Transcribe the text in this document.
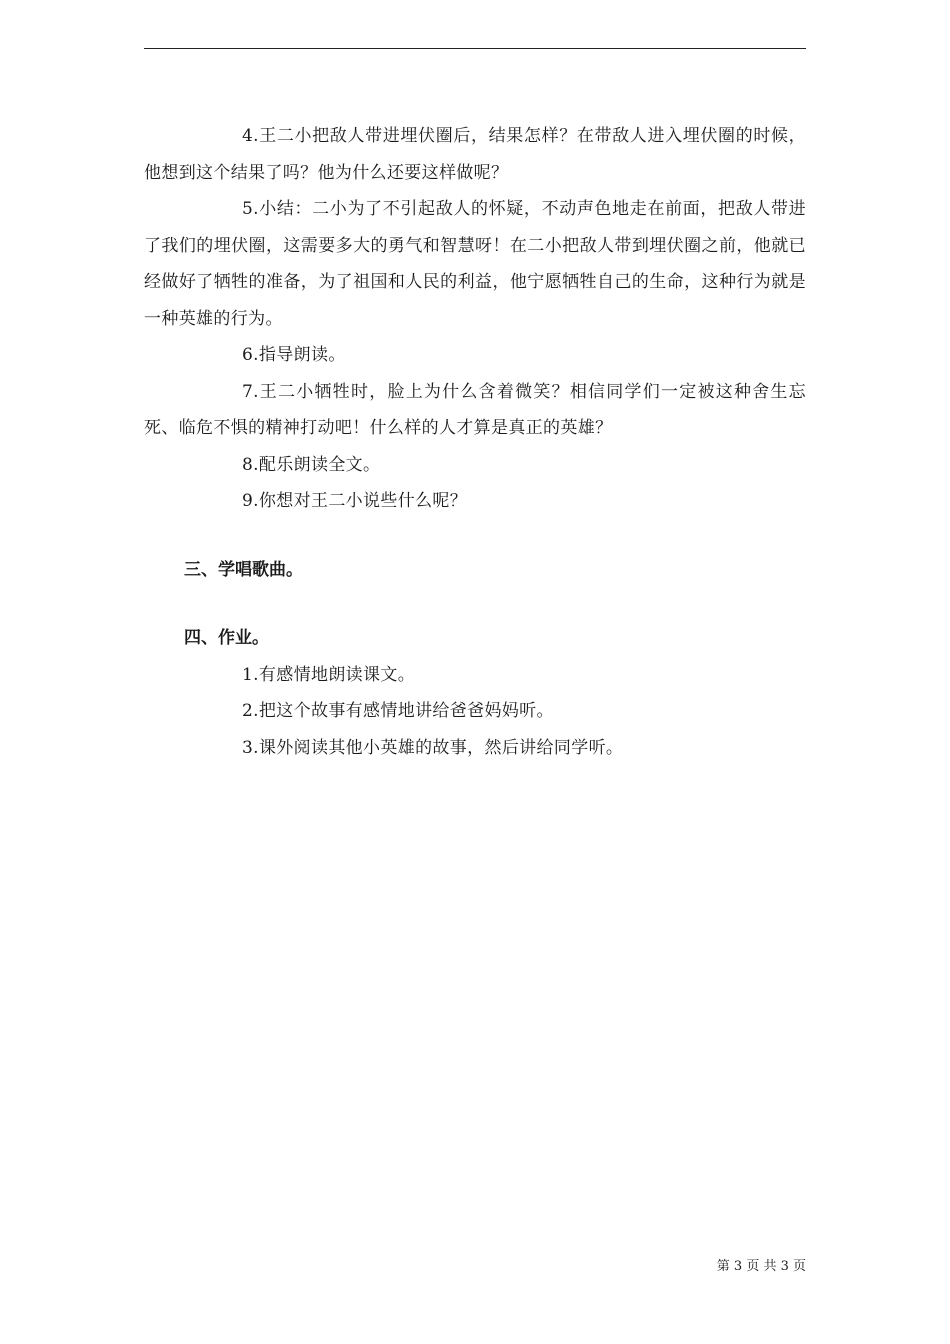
4.王二小把敌人带进埋伏圈后，结果怎样？在带敌人进入埋伏圈的时候，他想到这个结果了吗？他为什么还要这样做呢？

5.小结：二小为了不引起敌人的怀疑，不动声色地走在前面，把敌人带进了我们的埋伏圈，这需要多大的勇气和智慧呀！在二小把敌人带到埋伏圈之前，他就已经做好了牺牲的准备，为了祖国和人民的利益，他宁愿牺牲自己的生命，这种行为就是一种英雄的行为。

6.指导朗读。

7.王二小牺牲时，脸上为什么含着微笑？相信同学们一定被这种舍生忘死、临危不惧的精神打动吧！什么样的人才算是真正的英雄？

8.配乐朗读全文。

9.你想对王二小说些什么呢？

三、学唱歌曲。

四、作业。

1.有感情地朗读课文。

2.把这个故事有感情地讲给爸爸妈妈听。

3.课外阅读其他小英雄的故事，然后讲给同学听。

第 3 页 共 3 页
